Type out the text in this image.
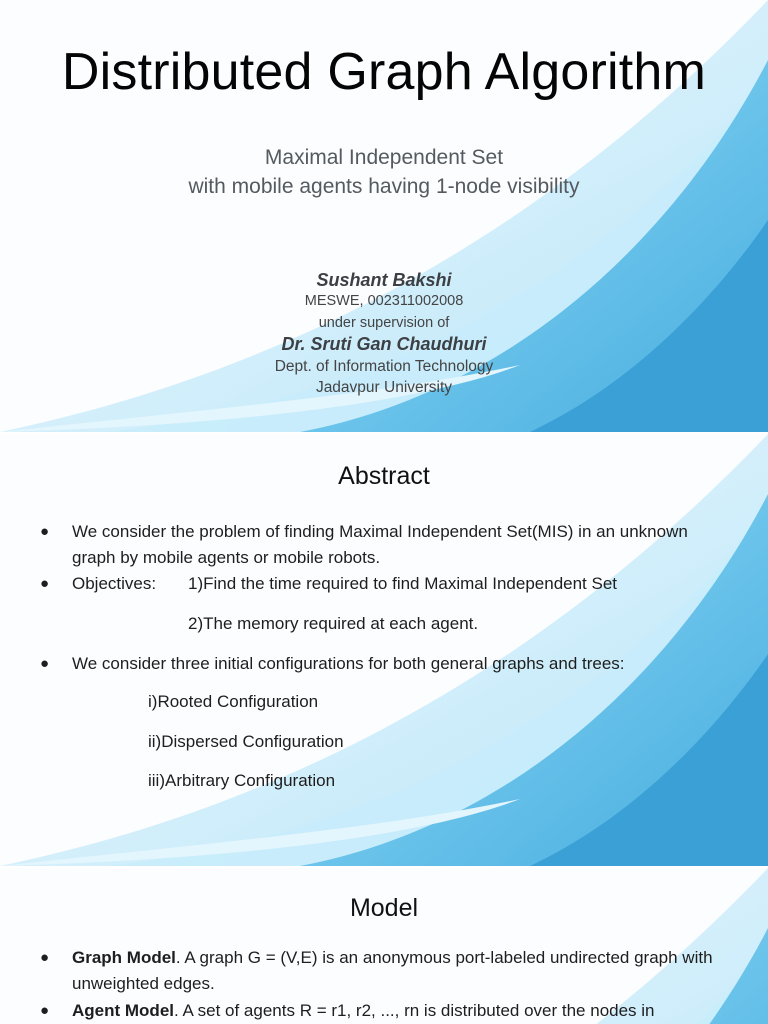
Distributed Graph Algorithm
Maximal Independent Set
with mobile agents having 1-node visibility
Sushant Bakshi
MESWE, 002311002008
under supervision of
Dr. Sruti Gan Chaudhuri
Dept. of Information Technology
Jadavpur University
Abstract
● We consider the problem of finding Maximal Independent Set(MIS) in an unknown graph by mobile agents or mobile robots.
● Objectives:	1)Find the time required to find Maximal Independent Set
2)The memory required at each agent.
● We consider three initial configurations for both general graphs and trees:
i)Rooted Configuration
ii)Dispersed Configuration
iii)Arbitrary Configuration
Model
● Graph Model. A graph G = (V,E) is an anonymous port-labeled undirected graph with unweighted edges.
● Agent Model. A set of agents R = r1, r2, ..., rn is distributed over the nodes in
